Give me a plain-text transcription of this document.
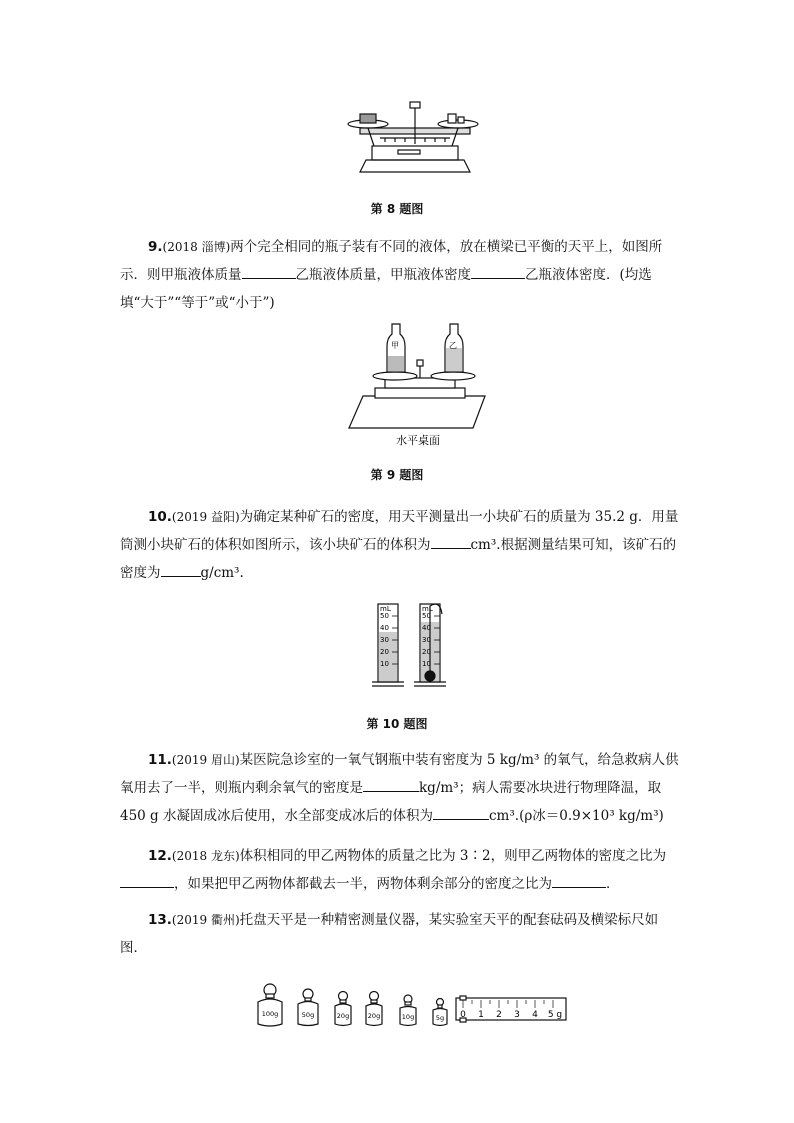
第 8 题图
9.(2018 淄博)两个完全相同的瓶子装有不同的液体，放在横梁已平衡的天平上，如图所示．则甲瓶液体质量	乙瓶液体质量，甲瓶液体密度	乙瓶液体密度．(均选填“大于”“等于”或“小于”)
甲	乙
水平桌面
第 9 题图
10.(2019 益阳)为确定某种矿石的密度，用天平测量出一小块矿石的质量为 35.2 g．用量筒测小块矿石的体积如图所示，该小块矿石的体积为	cm³.根据测量结果可知，该矿石的密度为	g/cm³.
mL
50
40
30
20
10
mL
50
40
30
20
10
第 10 题图
11.(2019 眉山)某医院急诊室的一氧气钢瓶中装有密度为 5 kg/m³ 的氧气，给急救病人供氧用去了一半，则瓶内剩余氧气的密度是	kg/m³；病人需要冰块进行物理降温，取 450 g 水凝固成冰后使用，水全部变成冰后的体积为	cm³.(ρ冰＝0.9×10³ kg/m³)
12.(2018 龙东)体积相同的甲乙两物体的质量之比为 3∶2，则甲乙两物体的密度之比为，如果把甲乙两物体都截去一半，两物体剩余部分的密度之比为	．
13.(2019 衢州)托盘天平是一种精密测量仪器，某实验室天平的配套砝码及横梁标尺如图．
100g	50g	20g	20g	10g	5g 0 1 2 3 4 5 g
